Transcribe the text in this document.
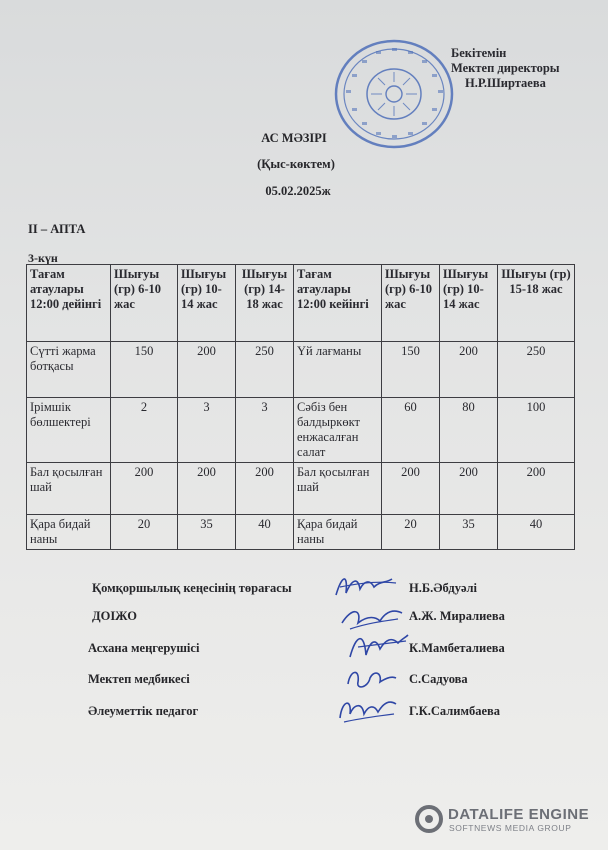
Бекітемін
Мектеп директоры
Н.Р.Ширтаева
АС МӘЗІРІ
(Қыс-көктем)
05.02.2025ж
ІІ – АПТА
3-күн
Тағам атаулары 12:00 дейінгі	Шығуы (гр) 6-10 жас	Шығуы (гр) 10-14 жас	Шығуы (гр) 14-18 жас	Тағам атаулары 12:00 кейінгі	Шығуы (гр) 6-10 жас	Шығуы (гр) 10-14 жас	Шығуы (гр) 15-18 жас
Сүтті жарма ботқасы	150	200	250	Үй лағманы	150	200	250
Ірімшік бөлшектері	2	3	3	Сәбіз бен балдыркөкт енжасалған салат	60	80	100
Бал қосылған шай	200	200	200	Бал қосылған шай	200	200	200
Қара бидай наны	20	35	40	Қара бидай наны	20	35	40
Қомқоршылық кеңесінің төрағасы	Н.Б.Әбдуәлі
ДОІЖО	А.Ж. Миралиева
Асхана меңгерушісі	К.Мамбеталиева
Мектеп медбикесі	С.Садуова
Әлеуметтік педагог	Г.К.Салимбаева
DATALIFE ENGINE
SOFTNEWS MEDIA GROUP
